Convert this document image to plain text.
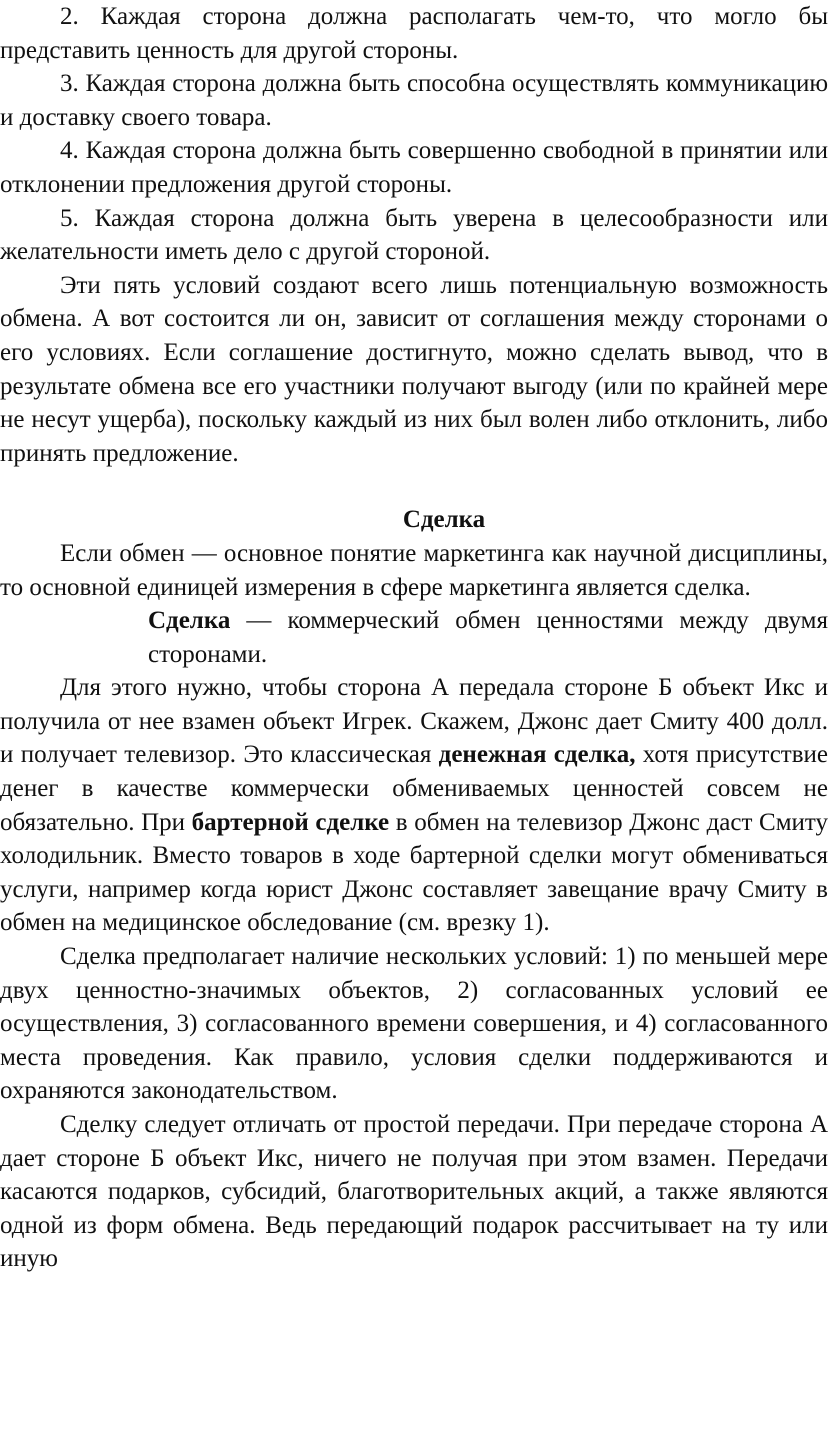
2. Каждая сторона должна располагать чем-то, что могло бы представить ценность для другой стороны.

3. Каждая сторона должна быть способна осуществлять коммуникацию и доставку своего товара.

4. Каждая сторона должна быть совершенно свободной в принятии или отклонении предложения другой стороны.

5. Каждая сторона должна быть уверена в целесообразности или желательности иметь дело с другой стороной.

Эти пять условий создают всего лишь потенциальную возможность обмена. А вот состоится ли он, зависит от соглашения между сторонами о его условиях. Если соглашение достигнуто, можно сделать вывод, что в результате обмена все его участники получают выгоду (или по крайней мере не несут ущерба), поскольку каждый из них был волен либо отклонить, либо принять предложение.

Сделка

Если обмен — основное понятие маркетинга как научной дисциплины, то основной единицей измерения в сфере маркетинга является сделка.

Сделка — коммерческий обмен ценностями между двумя сторонами.

Для этого нужно, чтобы сторона А передала стороне Б объект Икс и получила от нее взамен объект Игрек. Скажем, Джонс дает Смиту 400 долл. и получает телевизор. Это классическая денежная сделка, хотя присутствие денег в качестве коммерчески обмениваемых ценностей совсем не обязательно. При бартерной сделке в обмен на телевизор Джонс даст Смиту холодильник. Вместо товаров в ходе бартерной сделки могут обмениваться услуги, например когда юрист Джонс составляет завещание врачу Смиту в обмен на медицинское обследование (см. врезку 1).

Сделка предполагает наличие нескольких условий: 1) по меньшей мере двух ценностно-значимых объектов, 2) согласованных условий ее осуществления, 3) согласованного времени совершения, и 4) согласованного места проведения. Как правило, условия сделки поддерживаются и охраняются законодательством.

Сделку следует отличать от простой передачи. При передаче сторона А дает стороне Б объект Икс, ничего не получая при этом взамен. Передачи касаются подарков, субсидий, благотворительных акций, а также являются одной из форм обмена. Ведь передающий подарок рассчитывает на ту или иную
